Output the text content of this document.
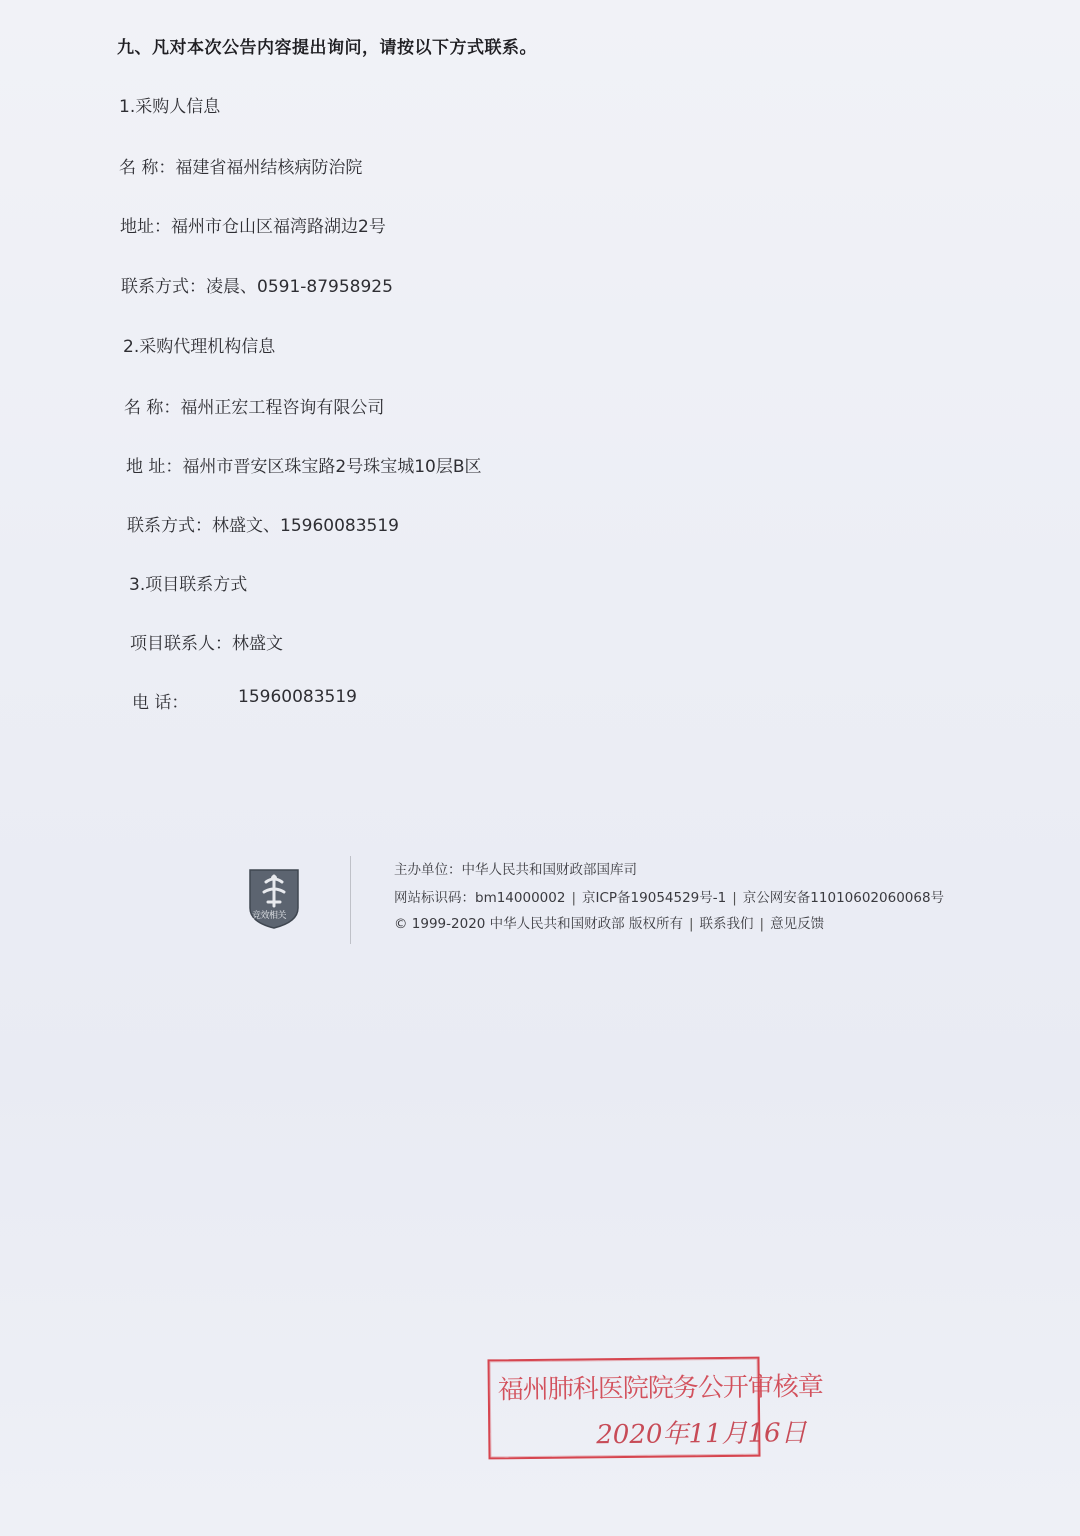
九、凡对本次公告内容提出询问，请按以下方式联系。
1.采购人信息
名 称：福建省福州结核病防治院
地址：福州市仓山区福湾路湖边2号
联系方式：凌晨、0591-87958925
2.采购代理机构信息
名 称：福州正宏工程咨询有限公司
地 址：福州市晋安区珠宝路2号珠宝城10层B区
联系方式：林盛文、15960083519
3.项目联系方式
项目联系人：林盛文
电 话：	15960083519
竞效相关
主办单位：中华人民共和国财政部国库司
网站标识码：bm14000002 | 京ICP备19054529号-1 | 京公网安备11010602060068号
© 1999-2020 中华人民共和国财政部 版权所有 | 联系我们 | 意见反馈
福州肺科医院院务公开审核章
2020年11月16日
